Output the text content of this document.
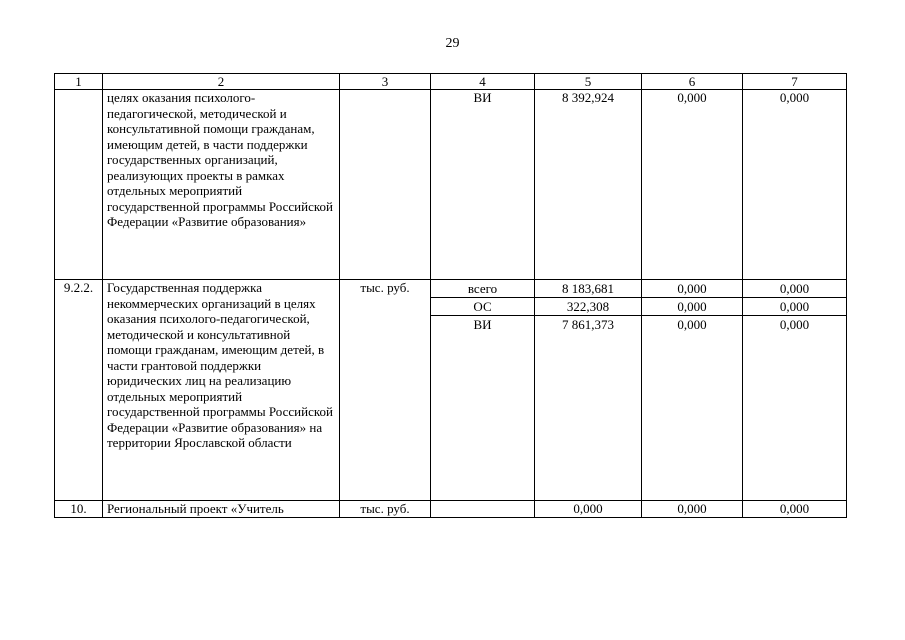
29
1	2	3	4	5	6	7
	целях оказания психолого-педагогической, методической и консультативной помощи гражданам, имеющим детей, в части поддержки государственных организаций, реализующих проекты в рамках отдельных мероприятий государственной программы Российской Федерации «Развитие образования»		ВИ	8 392,924	0,000	0,000
9.2.2.	Государственная поддержка некоммерческих организаций в целях оказания психолого-педагогической, методической и консультативной помощи гражданам, имеющим детей, в части грантовой поддержки юридических лиц на реализацию отдельных мероприятий государственной программы Российской Федерации «Развитие образования» на территории Ярославской области	тыс. руб.	всего	8 183,681	0,000	0,000
			ОС	322,308	0,000	0,000
			ВИ	7 861,373	0,000	0,000
10.	Региональный проект «Учитель	тыс. руб.		0,000	0,000	0,000
